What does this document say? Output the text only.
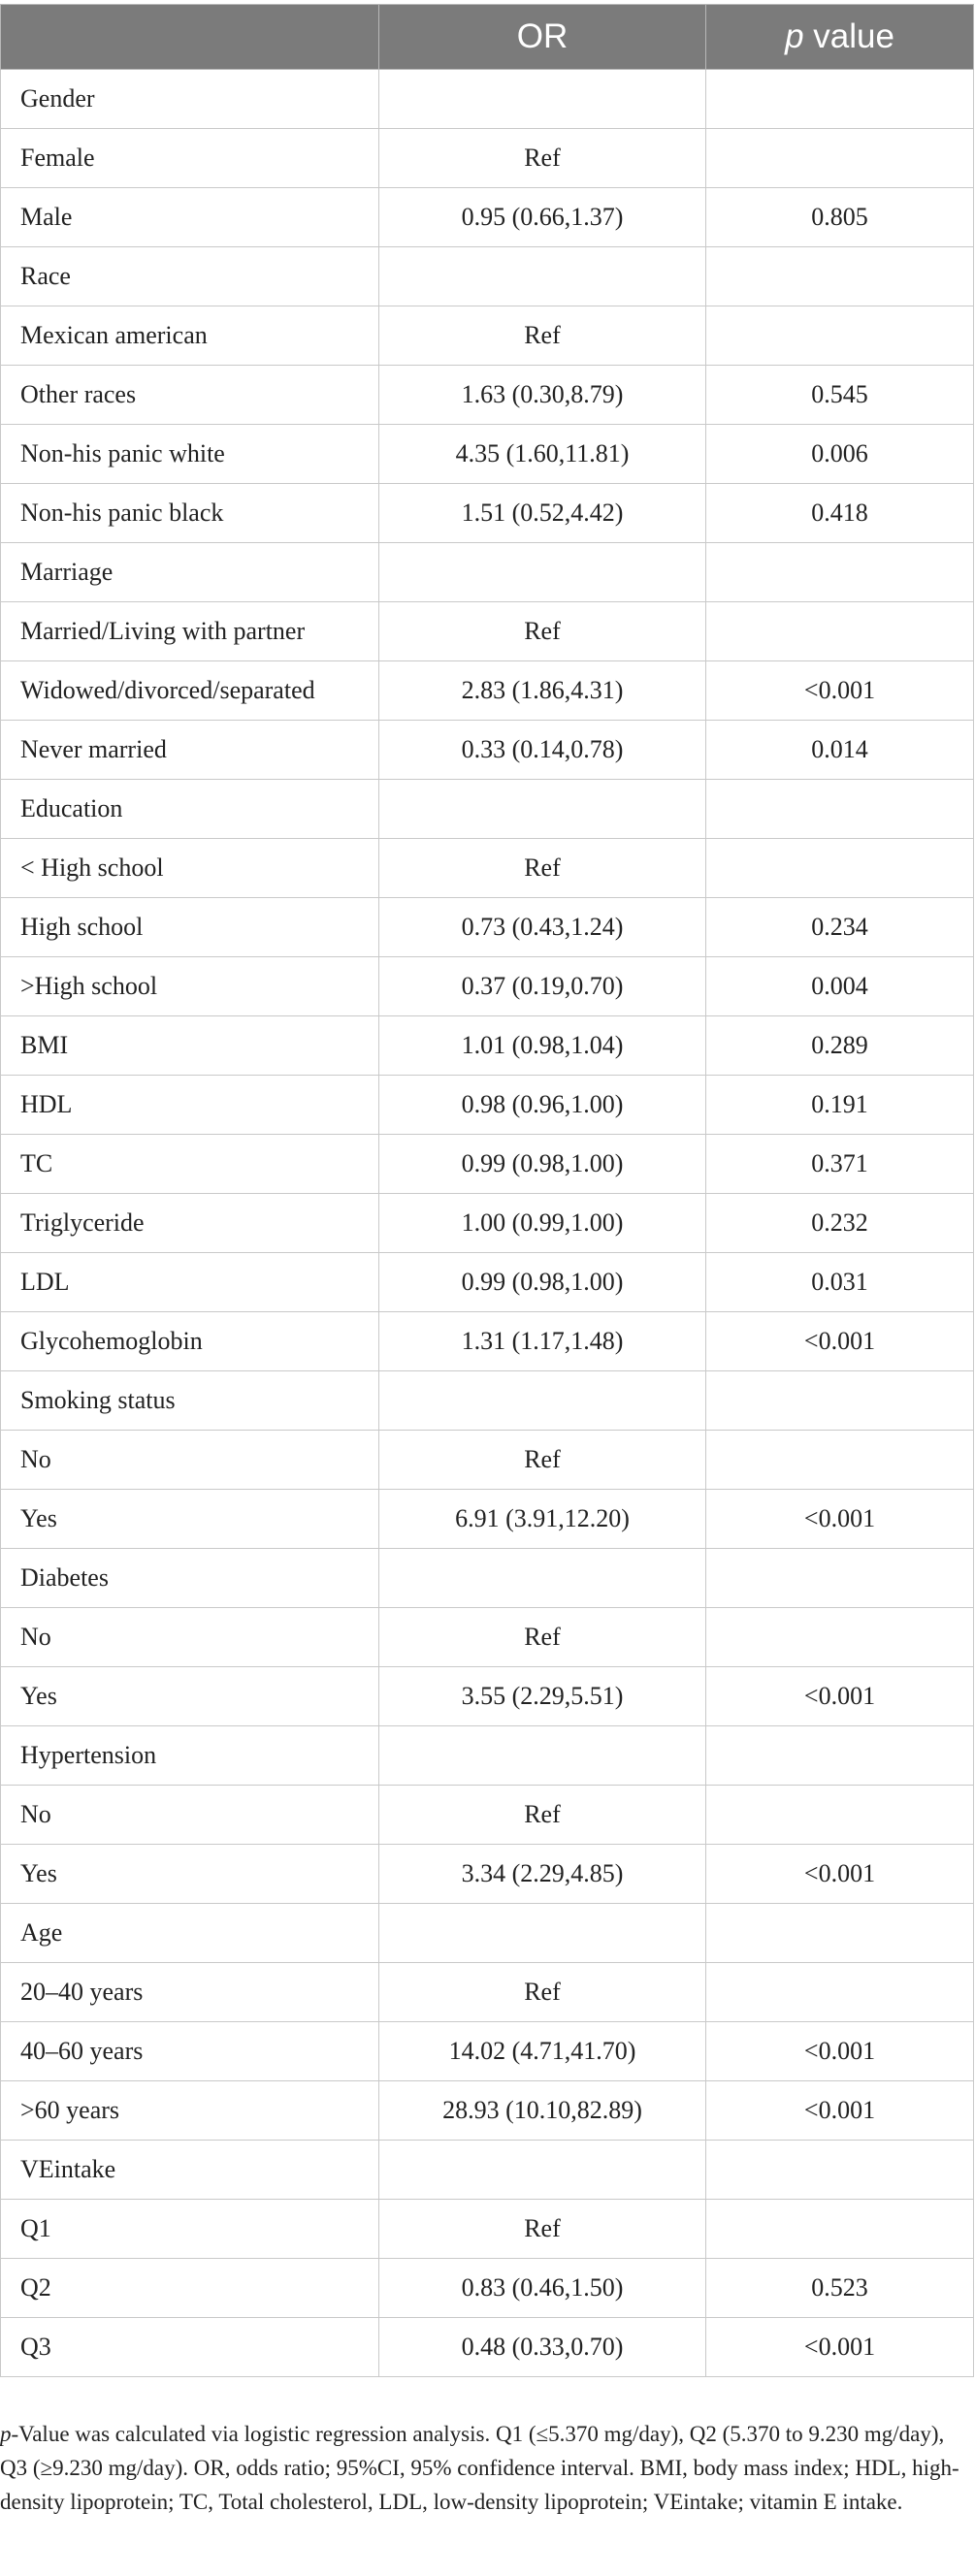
	OR	p value
Gender		
Female	Ref	
Male	0.95 (0.66,1.37)	0.805
Race		
Mexican american	Ref	
Other races	1.63 (0.30,8.79)	0.545
Non-his panic white	4.35 (1.60,11.81)	0.006
Non-his panic black	1.51 (0.52,4.42)	0.418
Marriage		
Married/Living with partner	Ref	
Widowed/divorced/separated	2.83 (1.86,4.31)	<0.001
Never married	0.33 (0.14,0.78)	0.014
Education		
< High school	Ref	
High school	0.73 (0.43,1.24)	0.234
>High school	0.37 (0.19,0.70)	0.004
BMI	1.01 (0.98,1.04)	0.289
HDL	0.98 (0.96,1.00)	0.191
TC	0.99 (0.98,1.00)	0.371
Triglyceride	1.00 (0.99,1.00)	0.232
LDL	0.99 (0.98,1.00)	0.031
Glycohemoglobin	1.31 (1.17,1.48)	<0.001
Smoking status		
No	Ref	
Yes	6.91 (3.91,12.20)	<0.001
Diabetes		
No	Ref	
Yes	3.55 (2.29,5.51)	<0.001
Hypertension		
No	Ref	
Yes	3.34 (2.29,4.85)	<0.001
Age		
20–40 years	Ref	
40–60 years	14.02 (4.71,41.70)	<0.001
>60 years	28.93 (10.10,82.89)	<0.001
VEintake		
Q1	Ref	
Q2	0.83 (0.46,1.50)	0.523
Q3	0.48 (0.33,0.70)	<0.001
p-Value was calculated via logistic regression analysis. Q1 (≤5.370 mg/day), Q2 (5.370 to 9.230 mg/day), Q3 (≥9.230 mg/day). OR, odds ratio; 95%CI, 95% confidence interval. BMI, body mass index; HDL, high-density lipoprotein; TC, Total cholesterol, LDL, low-density lipoprotein; VEintake; vitamin E intake.
